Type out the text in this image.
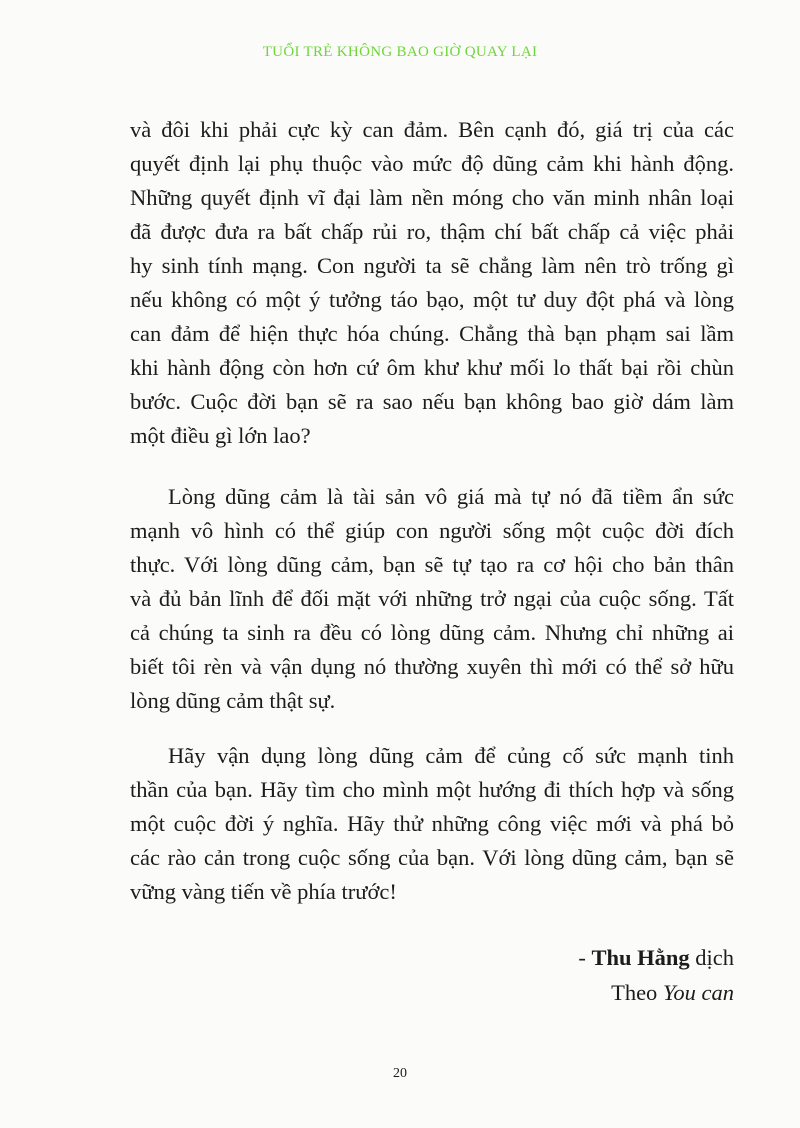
TUỔI TRẺ KHÔNG BAO GIỜ QUAY LẠI
và đôi khi phải cực kỳ can đảm. Bên cạnh đó, giá trị của các
quyết định lại phụ thuộc vào mức độ dũng cảm khi hành động.
Những quyết định vĩ đại làm nền móng cho văn minh nhân loại
đã được đưa ra bất chấp rủi ro, thậm chí bất chấp cả việc phải
hy sinh tính mạng. Con người ta sẽ chẳng làm nên trò trống gì
nếu không có một ý tưởng táo bạo, một tư duy đột phá và lòng
can đảm để hiện thực hóa chúng. Chẳng thà bạn phạm sai lầm
khi hành động còn hơn cứ ôm khư khư mối lo thất bại rồi chùn
bước. Cuộc đời bạn sẽ ra sao nếu bạn không bao giờ dám làm
một điều gì lớn lao?
Lòng dũng cảm là tài sản vô giá mà tự nó đã tiềm ẩn sức
mạnh vô hình có thể giúp con người sống một cuộc đời đích
thực. Với lòng dũng cảm, bạn sẽ tự tạo ra cơ hội cho bản thân
và đủ bản lĩnh để đối mặt với những trở ngại của cuộc sống. Tất
cả chúng ta sinh ra đều có lòng dũng cảm. Nhưng chỉ những ai
biết tôi rèn và vận dụng nó thường xuyên thì mới có thể sở hữu
lòng dũng cảm thật sự.
Hãy vận dụng lòng dũng cảm để củng cố sức mạnh tinh
thần của bạn. Hãy tìm cho mình một hướng đi thích hợp và sống
một cuộc đời ý nghĩa. Hãy thử những công việc mới và phá bỏ
các rào cản trong cuộc sống của bạn. Với lòng dũng cảm, bạn sẽ
vững vàng tiến về phía trước!
- Thu Hằng dịch
Theo You can
20
